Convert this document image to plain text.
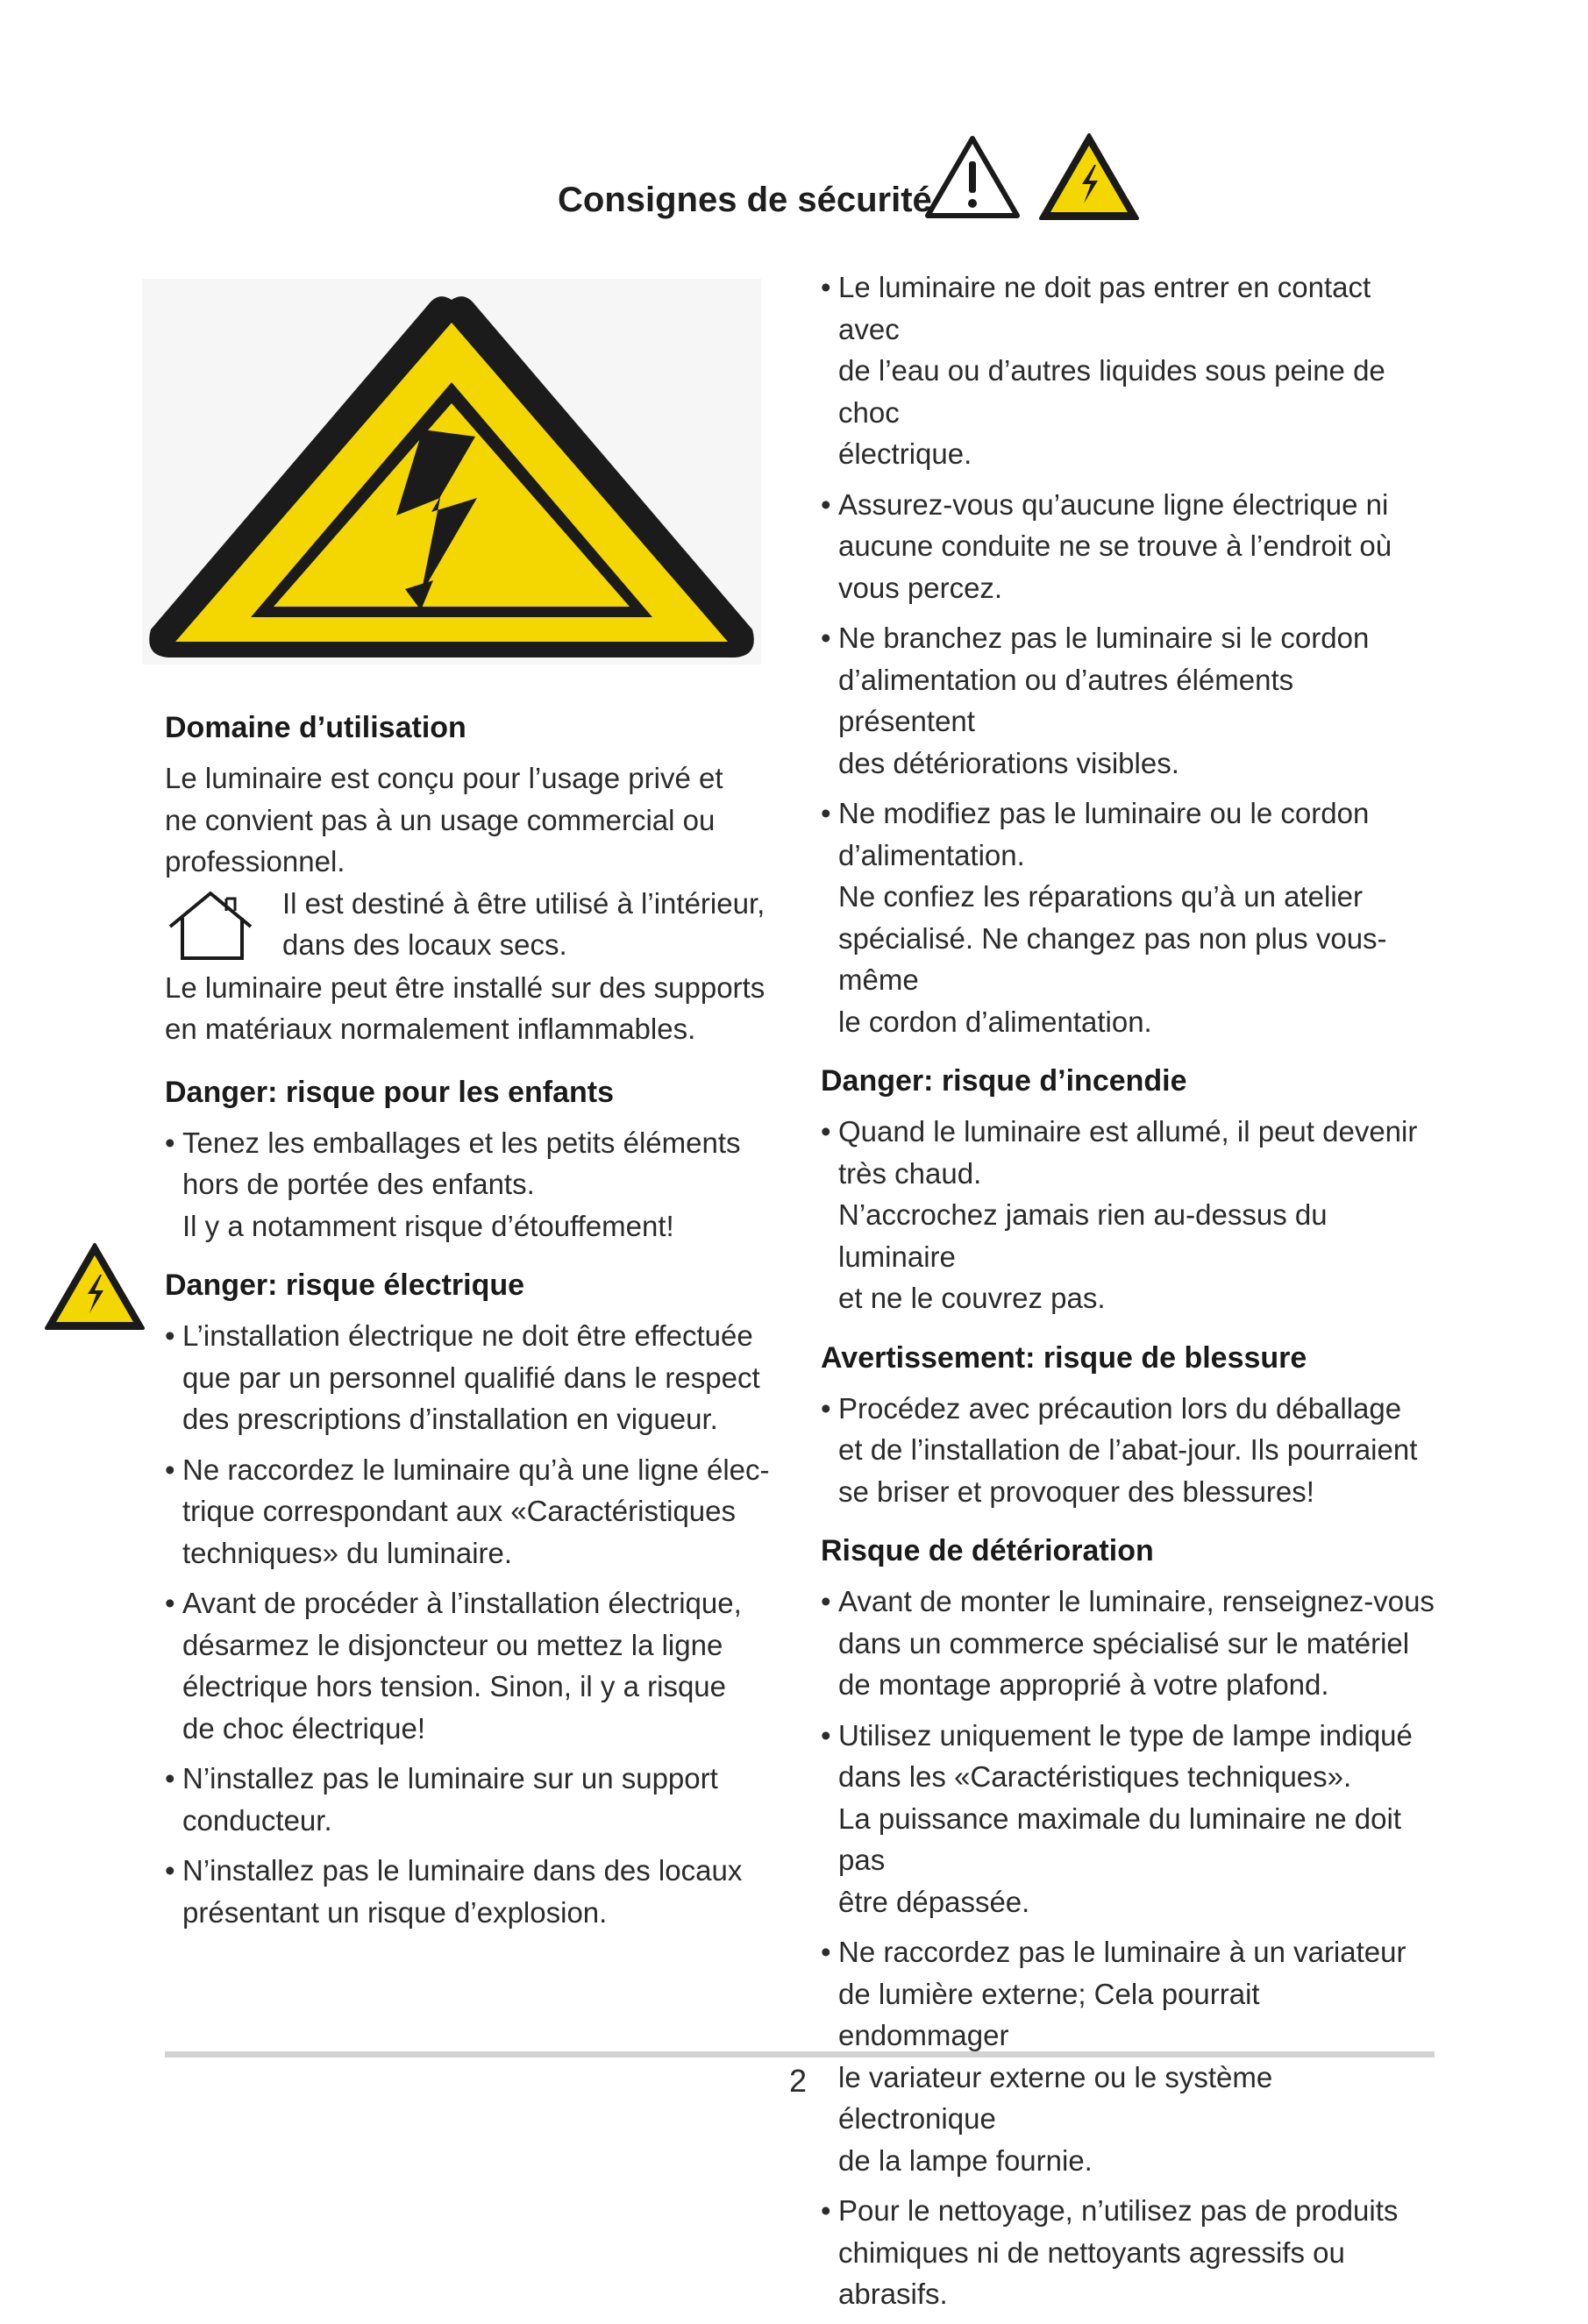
Consignes de sécurité
Domaine d’utilisation

Le luminaire est conçu pour l’usage privé et
ne convient pas à un usage commercial ou
professionnel.

Il est destiné à être utilisé à l’intérieur,
dans des locaux secs.

Le luminaire peut être installé sur des supports
en matériaux normalement inflammables.

Danger: risque pour les enfants
• Tenez les emballages et les petits éléments
hors de portée des enfants.
Il y a notamment risque d’étouffement!
Danger: risque électrique
• L’installation électrique ne doit être effectuée
que par un personnel qualifié dans le respect
des prescriptions d’installation en vigueur.
• Ne raccordez le luminaire qu’à une ligne élec-
trique correspondant aux «Caractéristiques
techniques» du luminaire.
• Avant de procéder à l’installation électrique,
désarmez le disjoncteur ou mettez la ligne
électrique hors tension. Sinon, il y a risque
de choc électrique!
• N’installez pas le luminaire sur un support
conducteur.
• N’installez pas le luminaire dans des locaux
présentant un risque d’explosion.
• Le luminaire ne doit pas entrer en contact avec
de l’eau ou d’autres liquides sous peine de choc
électrique.
• Assurez-vous qu’aucune ligne électrique ni
aucune conduite ne se trouve à l’endroit où
vous percez.
• Ne branchez pas le luminaire si le cordon
d’alimentation ou d’autres éléments présentent
des détériorations visibles.
• Ne modifiez pas le luminaire ou le cordon
d’alimentation.
Ne confiez les réparations qu’à un atelier
spécialisé. Ne changez pas non plus vous-même
le cordon d’alimentation.
Danger: risque d’incendie
• Quand le luminaire est allumé, il peut devenir
très chaud.
N’accrochez jamais rien au-dessus du luminaire
et ne le couvrez pas.
Avertissement: risque de blessure
• Procédez avec précaution lors du déballage
et de l’installation de l’abat-jour. Ils pourraient
se briser et provoquer des blessures!
Risque de détérioration
• Avant de monter le luminaire, renseignez-vous
dans un commerce spécialisé sur le matériel
de montage approprié à votre plafond.
• Utilisez uniquement le type de lampe indiqué
dans les «Caractéristiques techniques».
La puissance maximale du luminaire ne doit pas
être dépassée.
• Ne raccordez pas le luminaire à un variateur
de lumière externe; Cela pourrait endommager
le variateur externe ou le système électronique
de la lampe fournie.
• Pour le nettoyage, n’utilisez pas de produits
chimiques ni de nettoyants agressifs ou
abrasifs.
2
